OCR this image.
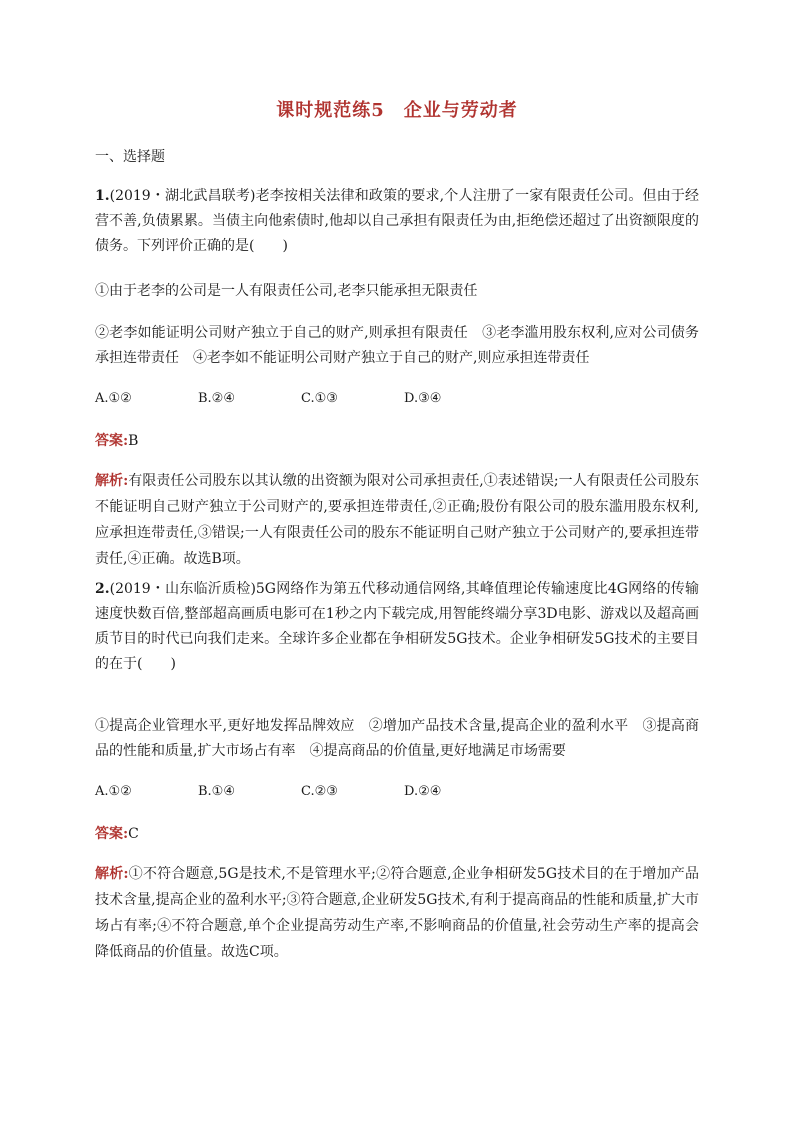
课时规范练5　企业与劳动者
一、选择题
1.(2019・湖北武昌联考)老李按相关法律和政策的要求,个人注册了一家有限责任公司。但由于经营不善,负债累累。当债主向他索债时,他却以自己承担有限责任为由,拒绝偿还超过了出资额限度的债务。下列评价正确的是(　　)
①由于老李的公司是一人有限责任公司,老李只能承担无限责任
②老李如能证明公司财产独立于自己的财产,则承担有限责任　③老李滥用股东权利,应对公司债务承担连带责任　④老李如不能证明公司财产独立于自己的财产,则应承担连带责任
A.①②	B.②④	C.①③	D.③④
答案:B
解析:有限责任公司股东以其认缴的出资额为限对公司承担责任,①表述错误;一人有限责任公司股东不能证明自己财产独立于公司财产的,要承担连带责任,②正确;股份有限公司的股东滥用股东权利,应承担连带责任,③错误;一人有限责任公司的股东不能证明自己财产独立于公司财产的,要承担连带责任,④正确。故选B项。
2.(2019・山东临沂质检)5G网络作为第五代移动通信网络,其峰值理论传输速度比4G网络的传输速度快数百倍,整部超高画质电影可在1秒之内下载完成,用智能终端分享3D电影、游戏以及超高画质节目的时代已向我们走来。全球许多企业都在争相研发5G技术。企业争相研发5G技术的主要目的在于(　　)
①提高企业管理水平,更好地发挥品牌效应　②增加产品技术含量,提高企业的盈利水平　③提高商品的性能和质量,扩大市场占有率　④提高商品的价值量,更好地满足市场需要
A.①②	B.①④	C.②③	D.②④
答案:C
解析:①不符合题意,5G是技术,不是管理水平;②符合题意,企业争相研发5G技术目的在于增加产品技术含量,提高企业的盈利水平;③符合题意,企业研发5G技术,有利于提高商品的性能和质量,扩大市场占有率;④不符合题意,单个企业提高劳动生产率,不影响商品的价值量,社会劳动生产率的提高会降低商品的价值量。故选C项。
